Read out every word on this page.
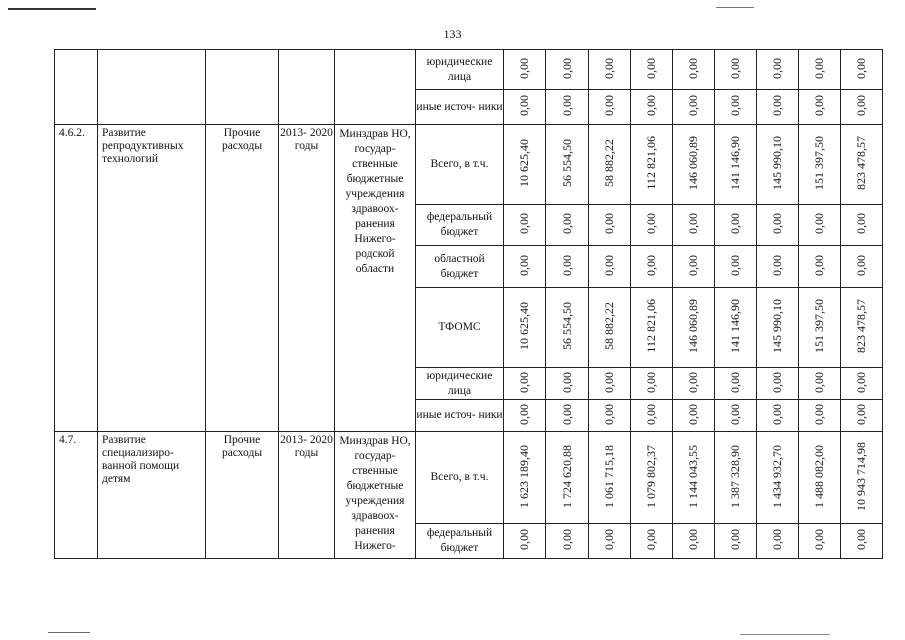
133
					юридические лица	0,00	0,00	0,00	0,00	0,00	0,00	0,00	0,00	0,00
					иные источ- ники	0,00	0,00	0,00	0,00	0,00	0,00	0,00	0,00	0,00
4.6.2.	Развитие репродуктивных технологий	Прочие расходы	2013- 2020 годы	Минздрав НО, государ- ственные бюджетные учреждения здравоох- ранения Нижего- родской области	Всего, в т.ч.	10 625,40	56 554,50	58 882,22	112 821,06	146 060,89	141 146,90	145 990,10	151 397,50	823 478,57
					федеральный бюджет	0,00	0,00	0,00	0,00	0,00	0,00	0,00	0,00	0,00
					областной бюджет	0,00	0,00	0,00	0,00	0,00	0,00	0,00	0,00	0,00
					ТФОМС	10 625,40	56 554,50	58 882,22	112 821,06	146 060,89	141 146,90	145 990,10	151 397,50	823 478,57
					юридические лица	0,00	0,00	0,00	0,00	0,00	0,00	0,00	0,00	0,00
					иные источ- ники	0,00	0,00	0,00	0,00	0,00	0,00	0,00	0,00	0,00
4.7.	Развитие специализиро- ванной помощи детям	Прочие расходы	2013- 2020 годы	Минздрав НО, государ- ственные бюджетные учреждения здравоох- ранения Нижего-	Всего, в т.ч.	1 623 189,40	1 724 620,88	1 061 715,18	1 079 802,37	1 144 043,55	1 387 328,90	1 434 932,70	1 488 082,00	10 943 714,98
					федеральный бюджет	0,00	0,00	0,00	0,00	0,00	0,00	0,00	0,00	0,00
